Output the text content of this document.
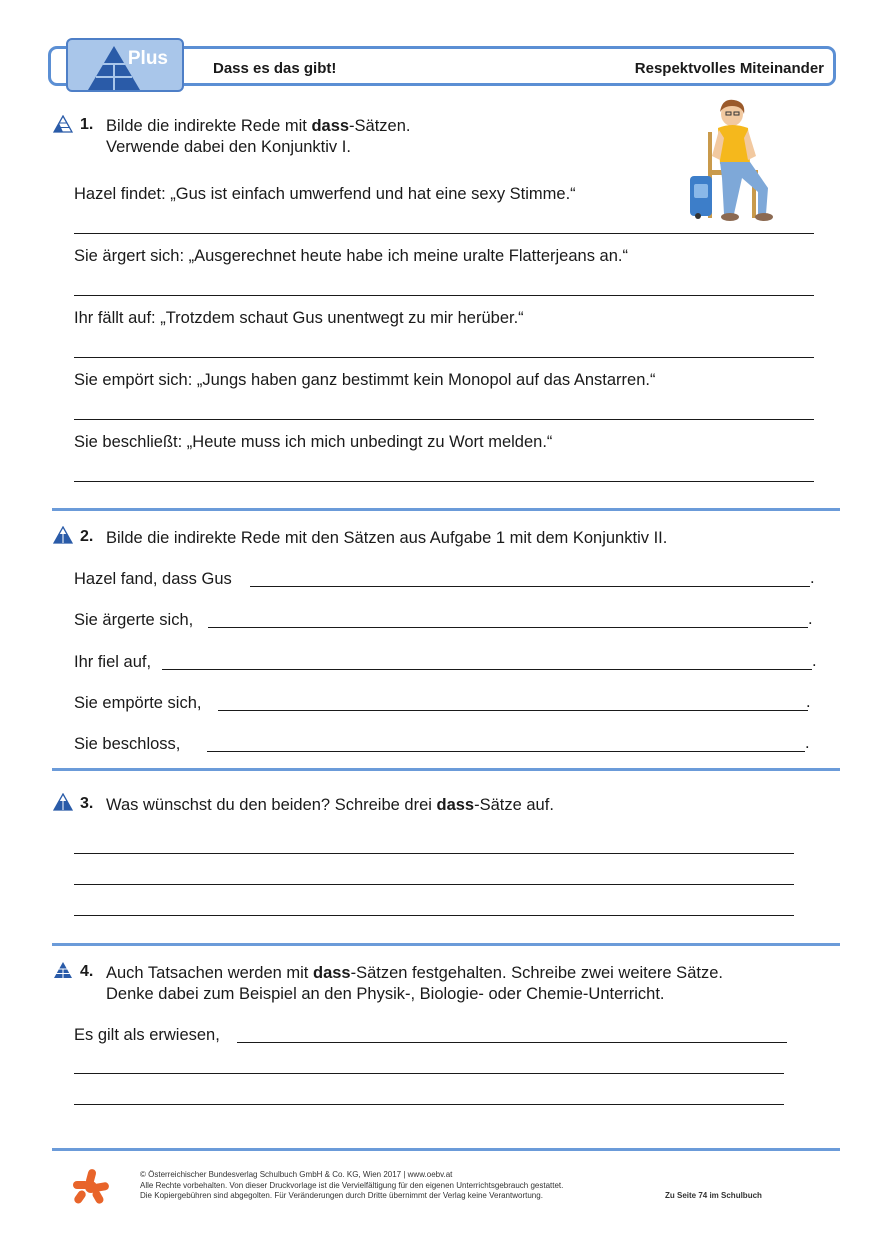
Plus	Dass es das gibt!	Respektvolles Miteinander
1. Bilde die indirekte Rede mit dass-Sätzen.
Verwende dabei den Konjunktiv I.
Hazel findet: „Gus ist einfach umwerfend und hat eine sexy Stimme.“
Sie ärgert sich: „Ausgerechnet heute habe ich meine uralte Flatterjeans an.“
Ihr fällt auf: „Trotzdem schaut Gus unentwegt zu mir herüber.“
Sie empört sich: „Jungs haben ganz bestimmt kein Monopol auf das Anstarren.“
Sie beschließt: „Heute muss ich mich unbedingt zu Wort melden.“
2. Bilde die indirekte Rede mit den Sätzen aus Aufgabe 1 mit dem Konjunktiv II.
Hazel fand, dass Gus	.
Sie ärgerte sich,	.
Ihr fiel auf,	.
Sie empörte sich,	.
Sie beschloss,	.
3. Was wünschst du den beiden? Schreibe drei dass-Sätze auf.
4. Auch Tatsachen werden mit dass-Sätzen festgehalten. Schreibe zwei weitere Sätze.
Denke dabei zum Beispiel an den Physik-, Biologie- oder Chemie-Unterricht.
Es gilt als erwiesen,
© Österreichischer Bundesverlag Schulbuch GmbH & Co. KG, Wien 2017 | www.oebv.at
Alle Rechte vorbehalten. Von dieser Druckvorlage ist die Vervielfältigung für den eigenen Unterrichtsgebrauch gestattet.
Die Kopiergebühren sind abgegolten. Für Veränderungen durch Dritte übernimmt der Verlag keine Verantwortung.	Zu Seite 74 im Schulbuch
